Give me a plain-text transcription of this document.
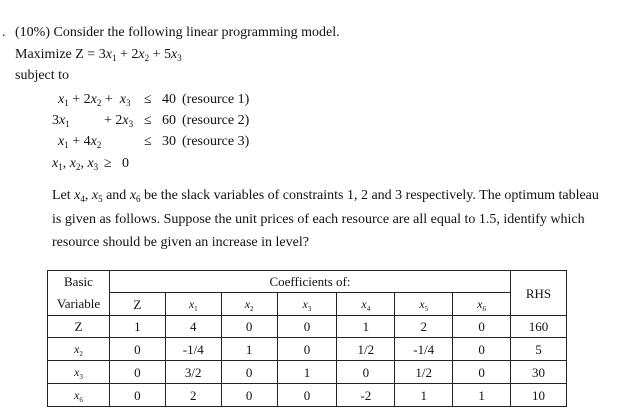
. (10%) Consider the following linear programming model.
Maximize $Z = 3x_1 + 2x_2 + 5x_3$
subject to
$x_1 + 2x_2 + x_3 \le 40$ (resource 1)
$3x_1 + 2x_3 \le 60$ (resource 2)
$x_1 + 4x_2$	≤ 30 (resource 3)
$x_1$, $x_2$, $x_3 \ge 0$
Let $x_4$, $x_5$ and $x_6$ be the slack variables of constraints 1, 2 and 3 respectively. The optimum tableau
is given as follows. Suppose the unit prices of each resource are all equal to 1.5, identify which
resource should be given an increase in level?
Basic	Coefficients of:							RHS
Variable	Z	$x_1$	$x_2$	$x_3$	$x_4$	$x_5$	$x_6$
Z	1	4	0	0	1	2	0	160
$x_2$	0	-1/4	1	0	1/2	-1/4	0	5
$x_3$	0	3/2	0	1	0	1/2	0	30
$x_6$	0	2	0	0	-2	1	1	10
